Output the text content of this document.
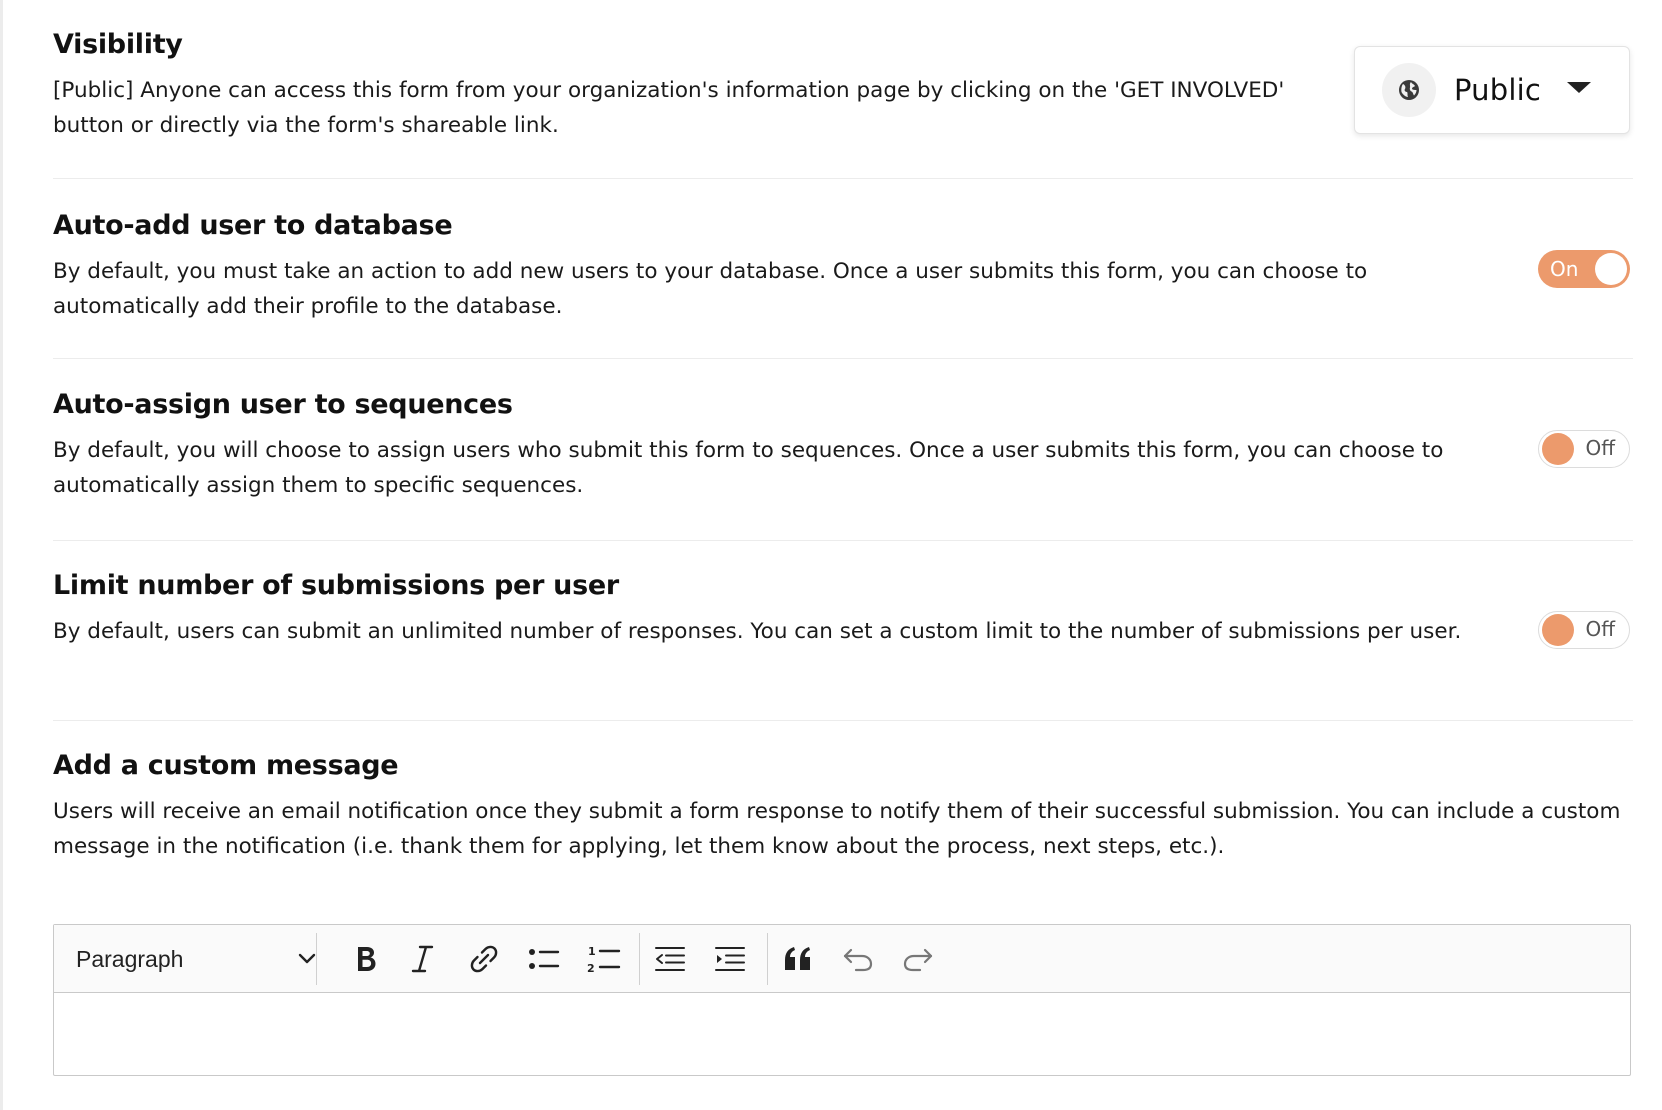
Visibility

[Public] Anyone can access this form from your organization's information page by clicking on the 'GET INVOLVED' button or directly via the form's shareable link.

Public
Auto-add user to database

By default, you must take an action to add new users to your database. Once a user submits this form, you can choose to automatically add their profile to the database.

On
Auto-assign user to sequences

By default, you will choose to assign users who submit this form to sequences. Once a user submits this form, you can choose to automatically assign them to specific sequences.

Off
Limit number of submissions per user

By default, users can submit an unlimited number of responses. You can set a custom limit to the number of submissions per user.	Off
Add a custom message

Users will receive an email notification once they submit a form response to notify them of their successful submission. You can include a custom message in the notification (i.e. thank them for applying, let them know about the process, next steps, etc.).

Paragraph	1
2
